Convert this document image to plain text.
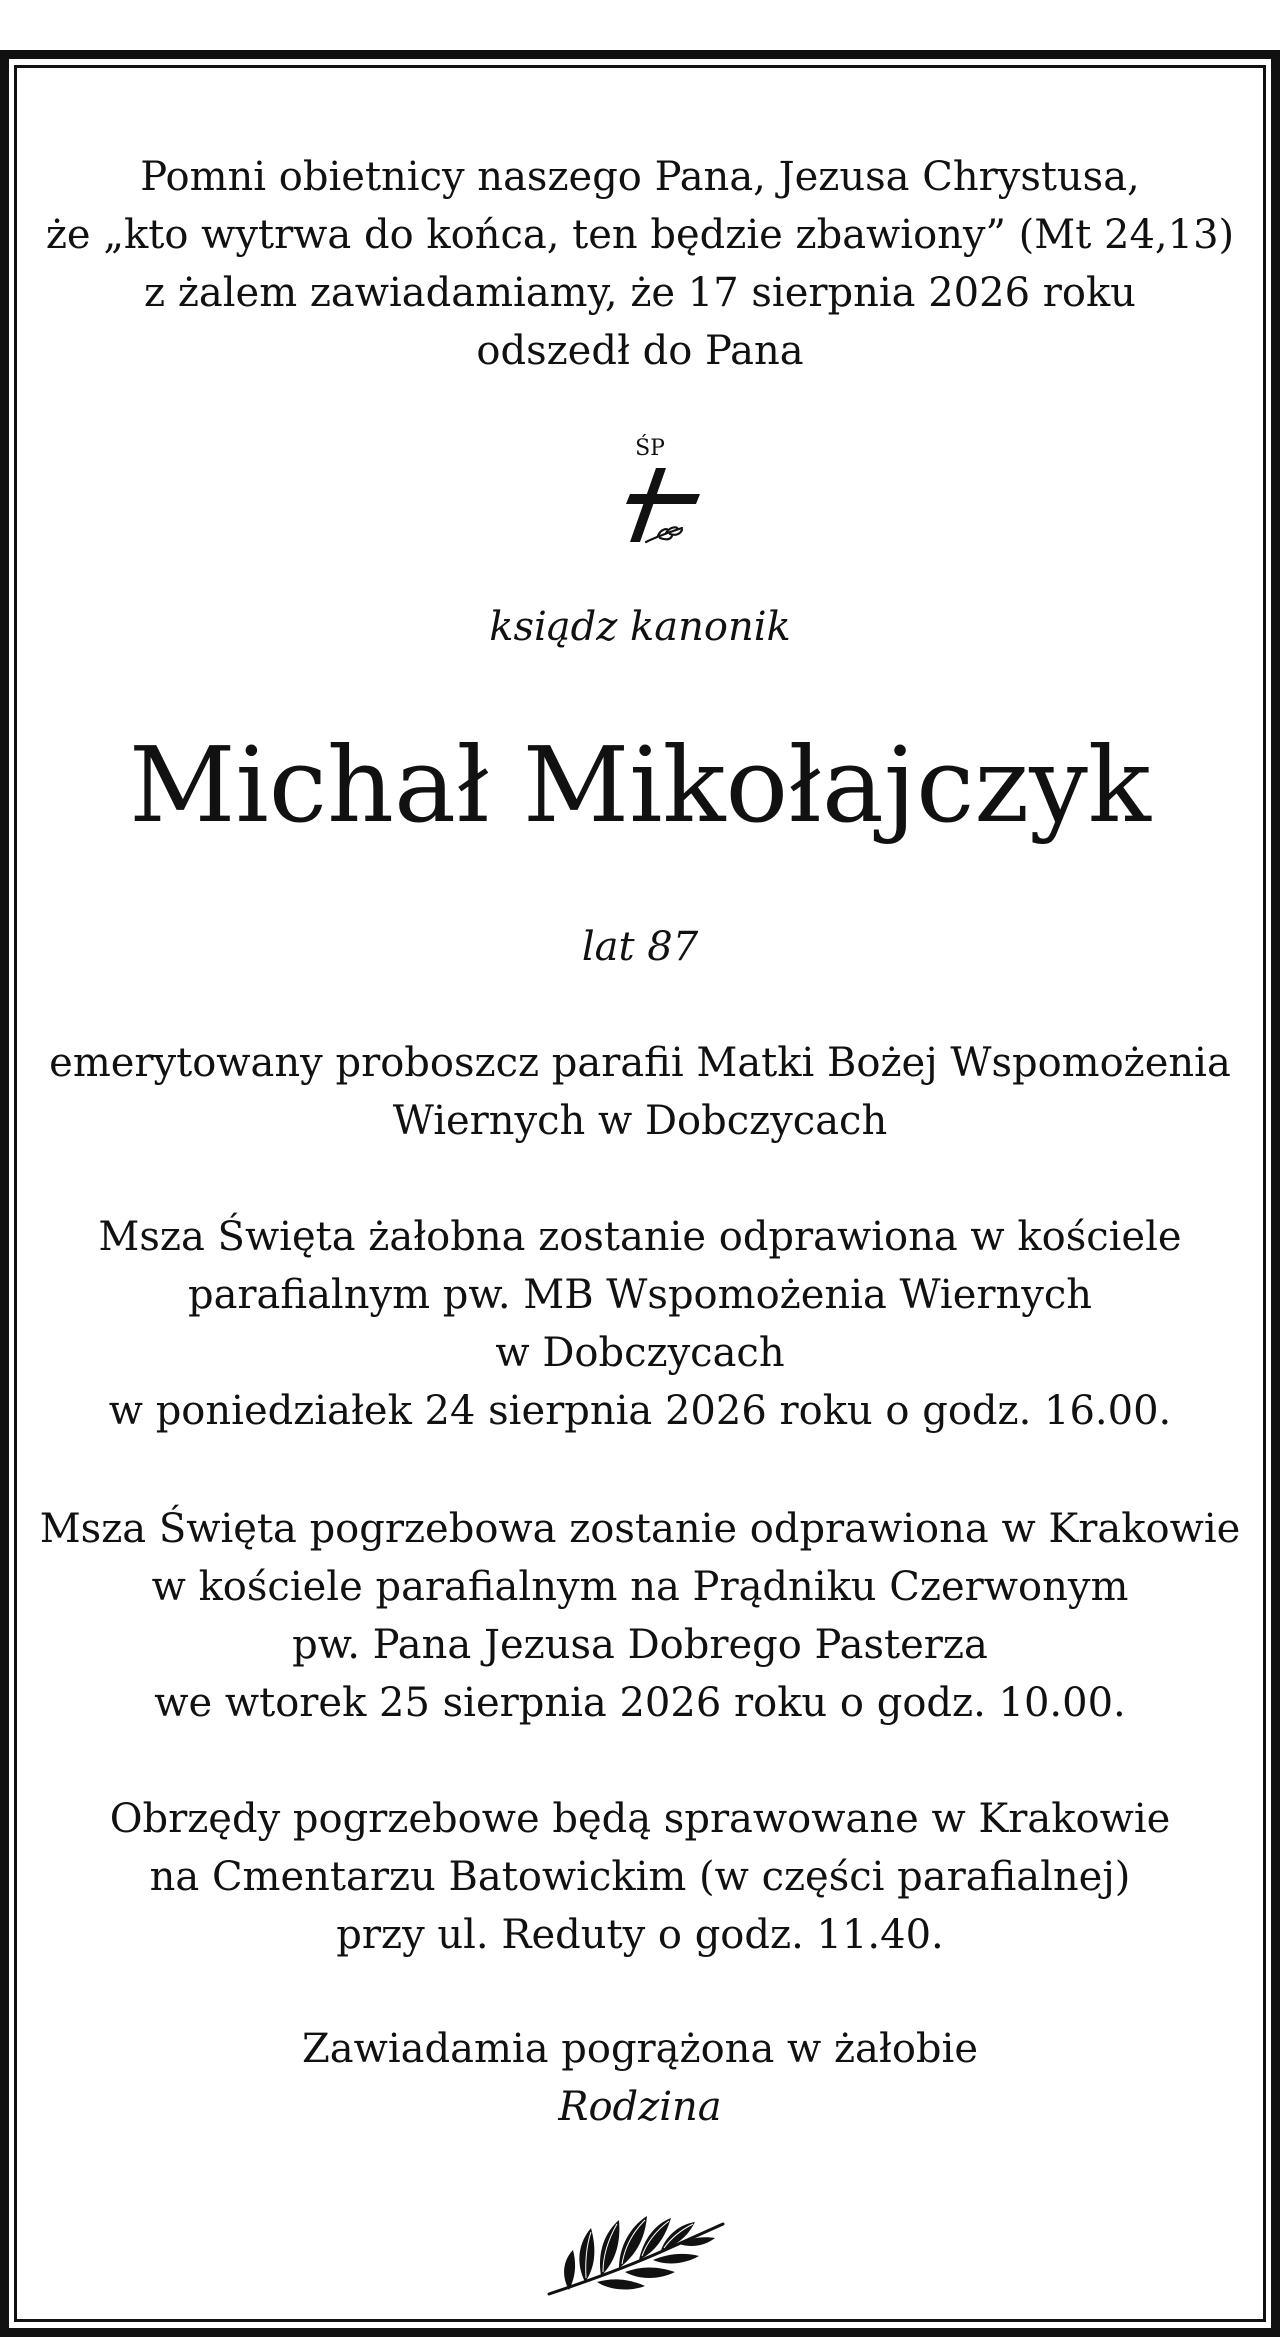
Pomni obietnicy naszego Pana, Jezusa Chrystusa,
że „kto wytrwa do końca, ten będzie zbawiony” (Mt 24,13)
z żalem zawiadamiamy, że 17 sierpnia 2026 roku
odszedł do Pana
ŚP
ksiądz kanonik
Michał Mikołajczyk
lat 87
emerytowany proboszcz parafii Matki Bożej Wspomożenia
Wiernych w Dobczycach
Msza Święta żałobna zostanie odprawiona w kościele
parafialnym pw. MB Wspomożenia Wiernych
w Dobczycach
w poniedziałek 24 sierpnia 2026 roku o godz. 16.00.
Msza Święta pogrzebowa zostanie odprawiona w Krakowie
w kościele parafialnym na Prądniku Czerwonym
pw. Pana Jezusa Dobrego Pasterza
we wtorek 25 sierpnia 2026 roku o godz. 10.00.
Obrzędy pogrzebowe będą sprawowane w Krakowie
na Cmentarzu Batowickim (w części parafialnej)
przy ul. Reduty o godz. 11.40.
Zawiadamia pogrążona w żałobie
Rodzina
